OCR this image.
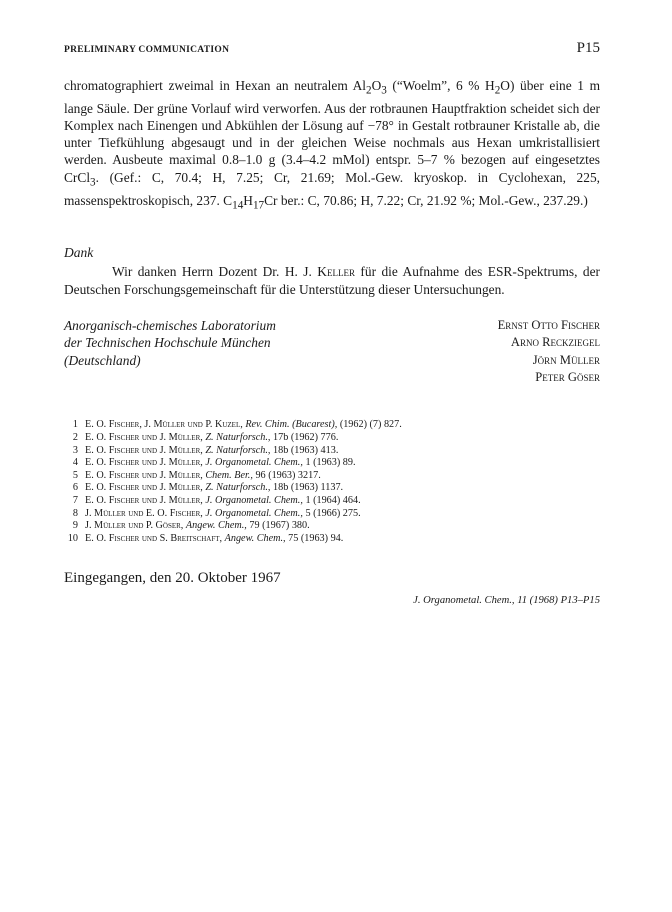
PRELIMINARY COMMUNICATION	P15

chromatographiert zweimal in Hexan an neutralem $Al_2O_3$ (“Woelm”, 6 % $H_2O$) über eine 1 m lange Säule. Der grüne Vorlauf wird verworfen. Aus der rotbraunen Hauptfraktion scheidet sich der Komplex nach Einengen und Abkühlen der Lösung auf −78° in Gestalt rotbrauner Kristalle ab, die unter Tiefkühlung abgesaugt und in der gleichen Weise nochmals aus Hexan umkristallisiert werden. Ausbeute maximal 0.8–1.0 g (3.4–4.2 mMol) entspr. 5–7 % bezogen auf eingesetztes CrCl$_3$. (Gef.: C, 70.4; H, 7.25; Cr, 21.69; Mol.-Gew. kryoskop. in Cyclohexan, 225, massenspektroskopisch, 237. $C_{14}H_{17}Cr$ ber.: C, 70.86; H, 7.22; Cr, 21.92 %; Mol.-Gew., 237.29.)

Dank

Wir danken Herrn Dozent Dr. H. J. Keller für die Aufnahme des ESR-Spektrums, der Deutschen Forschungsgemeinschaft für die Unterstützung dieser Untersuchungen.

Anorganisch-chemisches Laboratorium
der Technischen Hochschule München
(Deutschland)
Ernst Otto Fischer
Arno Reckziegel
Jörn Müller
Peter Göser
1 E. O. Fischer, J. Müller und P. Kuzel, Rev. Chim. (Bucarest), (1962) (7) 827.
2 E. O. Fischer und J. Müller, Z. Naturforsch., 17b (1962) 776.
3 E. O. Fischer und J. Müller, Z. Naturforsch., 18b (1963) 413.
4 E. O. Fischer und J. Müller, J. Organometal. Chem., 1 (1963) 89.
5 E. O. Fischer und J. Müller, Chem. Ber., 96 (1963) 3217.
6 E. O. Fischer und J. Müller, Z. Naturforsch., 18b (1963) 1137.
7 E. O. Fischer und J. Müller, J. Organometal. Chem., 1 (1964) 464.
8 J. Müller und E. O. Fischer, J. Organometal. Chem., 5 (1966) 275.
9 J. Müller und P. Göser, Angew. Chem., 79 (1967) 380.
10 E. O. Fischer und S. Breitschaft, Angew. Chem., 75 (1963) 94.
Eingegangen, den 20. Oktober 1967
J. Organometal. Chem., 11 (1968) P13–P15
